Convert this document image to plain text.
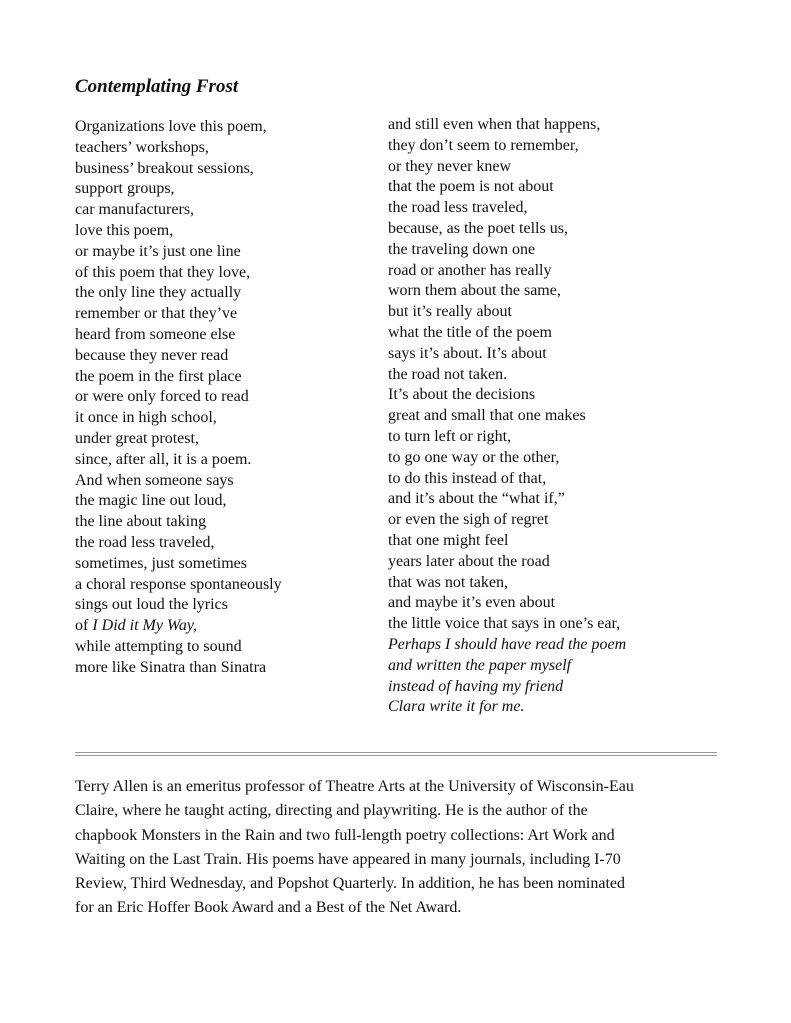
Contemplating Frost
Organizations love this poem,
teachers’ workshops,
business’ breakout sessions,
support groups,
car manufacturers,
love this poem,
or maybe it’s just one line
of this poem that they love,
the only line they actually
remember or that they’ve
heard from someone else
because they never read
the poem in the first place
or were only forced to read
it once in high school,
under great protest,
since, after all, it is a poem.
And when someone says
the magic line out loud,
the line about taking
the road less traveled,
sometimes, just sometimes
a choral response spontaneously
sings out loud the lyrics
of I Did it My Way,
while attempting to sound
more like Sinatra than Sinatra
and still even when that happens,
they don’t seem to remember,
or they never knew
that the poem is not about
the road less traveled,
because, as the poet tells us,
the traveling down one
road or another has really
worn them about the same,
but it’s really about
what the title of the poem
says it’s about. It’s about
the road not taken.
It’s about the decisions
great and small that one makes
to turn left or right,
to go one way or the other,
to do this instead of that,
and it’s about the “what if,”
or even the sigh of regret
that one might feel
years later about the road
that was not taken,
and maybe it’s even about
the little voice that says in one’s ear,
Perhaps I should have read the poem
and written the paper myself
instead of having my friend
Clara write it for me.
Terry Allen is an emeritus professor of Theatre Arts at the University of Wisconsin-Eau
Claire, where he taught acting, directing and playwriting. He is the author of the
chapbook Monsters in the Rain and two full-length poetry collections: Art Work and
Waiting on the Last Train. His poems have appeared in many journals, including I-70
Review, Third Wednesday, and Popshot Quarterly. In addition, he has been nominated
for an Eric Hoffer Book Award and a Best of the Net Award.
